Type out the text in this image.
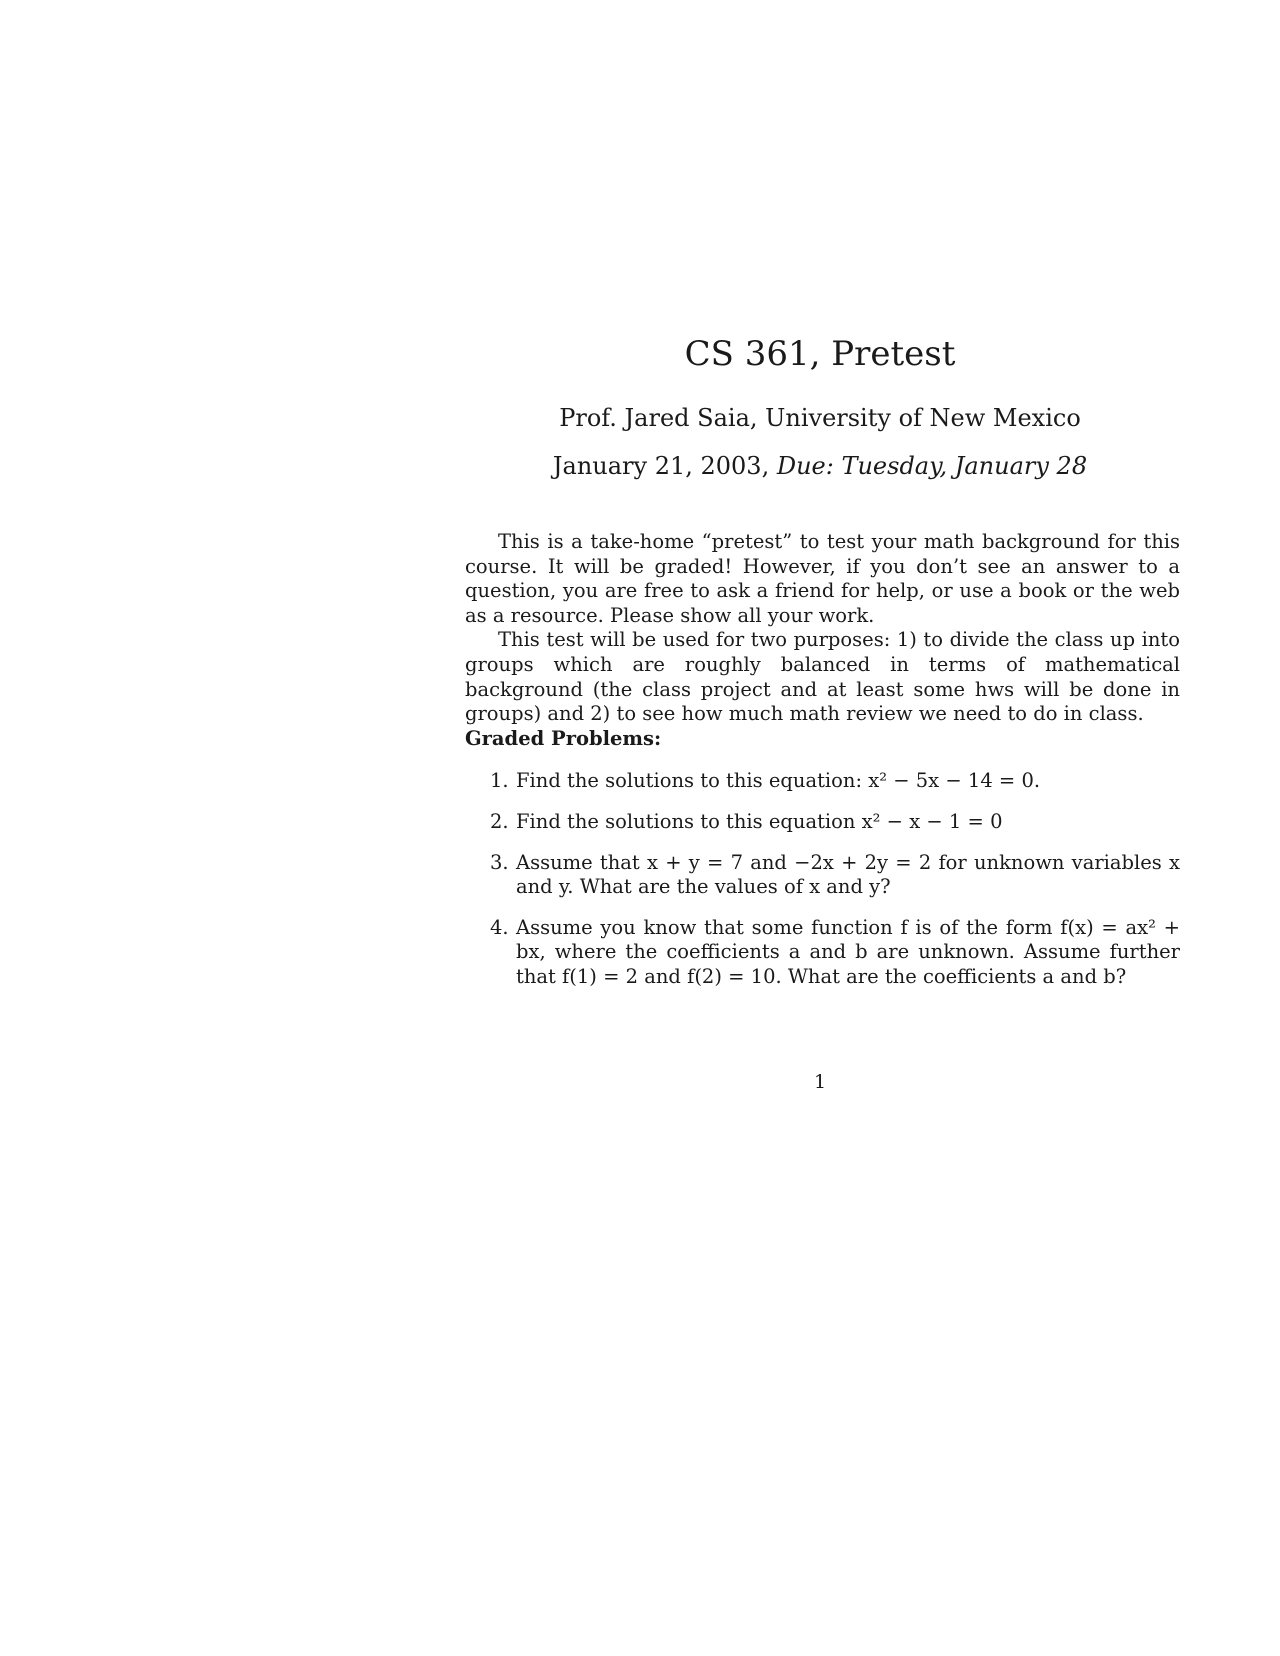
CS 361, Pretest
Prof. Jared Saia, University of New Mexico
January 21, 2003, Due: Tuesday, January 28

This is a take-home “pretest” to test your math background for this course. It will be graded! However, if you don’t see an answer to a question, you are free to ask a friend for help, or use a book or the web as a resource. Please show all your work.

This test will be used for two purposes: 1) to divide the class up into groups which are roughly balanced in terms of mathematical background (the class project and at least some hws will be done in groups) and 2) to see how much math review we need to do in class.

Graded Problems:
1. Find the solutions to this equation: x² − 5x − 14 = 0.
2. Find the solutions to this equation x² − x − 1 = 0
3. Assume that x + y = 7 and −2x + 2y = 2 for unknown variables x and y. What are the values of x and y?
4. Assume you know that some function f is of the form f(x) = ax² + bx, where the coefficients a and b are unknown. Assume further that f(1) = 2 and f(2) = 10. What are the coefficients a and b?
1
